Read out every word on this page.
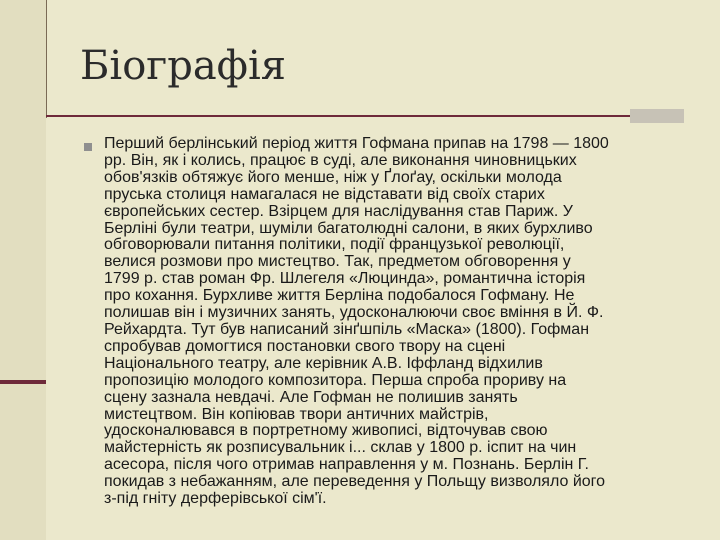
Біографія

Перший берлінський період життя Гофмана припав на 1798 — 1800
рр. Він, як і колись, працює в суді, але виконання чиновницьких
обов'язків обтяжує його менше, ніж у Ґлоґау, оскільки молода
пруська столиця намагалася не відставати від своїх старих
європейських сестер. Взірцем для наслідування став Париж. У
Берліні були театри, шуміли багатолюдні салони, в яких бурхливо
обговорювали питання політики, події французької революції,
велися розмови про мистецтво. Так, предметом обговорення у
1799 р. став роман Фр. Шлегеля «Люцинда», романтична історія
про кохання. Бурхливе життя Берліна подобалося Гофману. Не
полишав він і музичних занять, удосконалюючи своє вміння в Й. Ф.
Рейхардта. Тут був написаний зінґшпіль «Маска» (1800). Гофман
спробував домогтися постановки свого твору на сцені
Національного театру, але керівник А.В. Іффланд відхилив
пропозицію молодого композитора. Перша спроба прориву на
сцену зазнала невдачі. Але Гофман не полишив занять
мистецтвом. Він копіював твори античних майстрів,
удосконалювався в портретному живописі, відточував свою
майстерність як розписувальник і... склав у 1800 р. іспит на чин
асесора, після чого отримав направлення у м. Познань. Берлін Г.
покидав з небажанням, але переведення у Польщу визволяло його
з-під гніту дерферівської сім'ї.
